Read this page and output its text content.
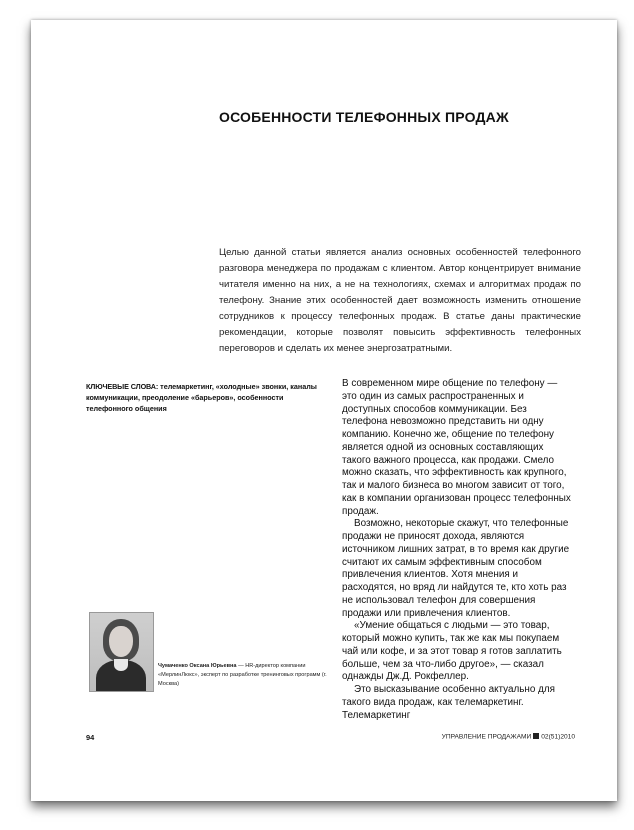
ОСОБЕННОСТИ ТЕЛЕФОННЫХ ПРОДАЖ
Целью данной статьи является анализ основных особенностей телефонного разговора менеджера по продажам с клиентом. Автор концентрирует внимание читателя именно на них, а не на технологиях, схемах и алгоритмах продаж по телефону. Знание этих особенностей дает возможность изменить отношение сотрудников к процессу телефонных продаж. В статье даны практические рекомендации, которые позволят повысить эффективность телефонных переговоров и сделать их менее энергозатратными.
КЛЮЧЕВЫЕ СЛОВА: телемаркетинг, «холодные» звонки, каналы коммуникации, преодоление «барьеров», особенности телефонного общения

В современном мире общение по телефону — это один из самых распространенных и доступных способов коммуникации. Без телефона невозможно представить ни одну компанию. Конечно же, общение по телефону является одной из основных составляющих такого важного процесса, как продажи. Смело можно сказать, что эффективность как крупного, так и малого бизнеса во многом зависит от того, как в компании организован процесс телефонных продаж.

Возможно, некоторые скажут, что телефонные продажи не приносят дохода, являются источником лишних затрат, в то время как другие считают их самым эффективным способом привлечения клиентов. Хотя мнения и расходятся, но вряд ли найдутся те, кто хоть раз не использовал телефон для совершения продажи или привлечения клиентов.

«Умение общаться с людьми — это товар, который можно купить, так же как мы покупаем чай или кофе, и за этот товар я готов заплатить больше, чем за что-либо другое», — сказал однажды Дж.Д. Рокфеллер.

Это высказывание особенно актуально для такого вида продаж, как телемаркетинг. Телемаркетинг

Чумаченко Оксана Юрьевна — HR-директор компании «МерлинЛюкс», эксперт по разработке тренинговых программ (г. Москва)
94	УПРАВЛЕНИЕ ПРОДАЖАМИ 02(51)2010
